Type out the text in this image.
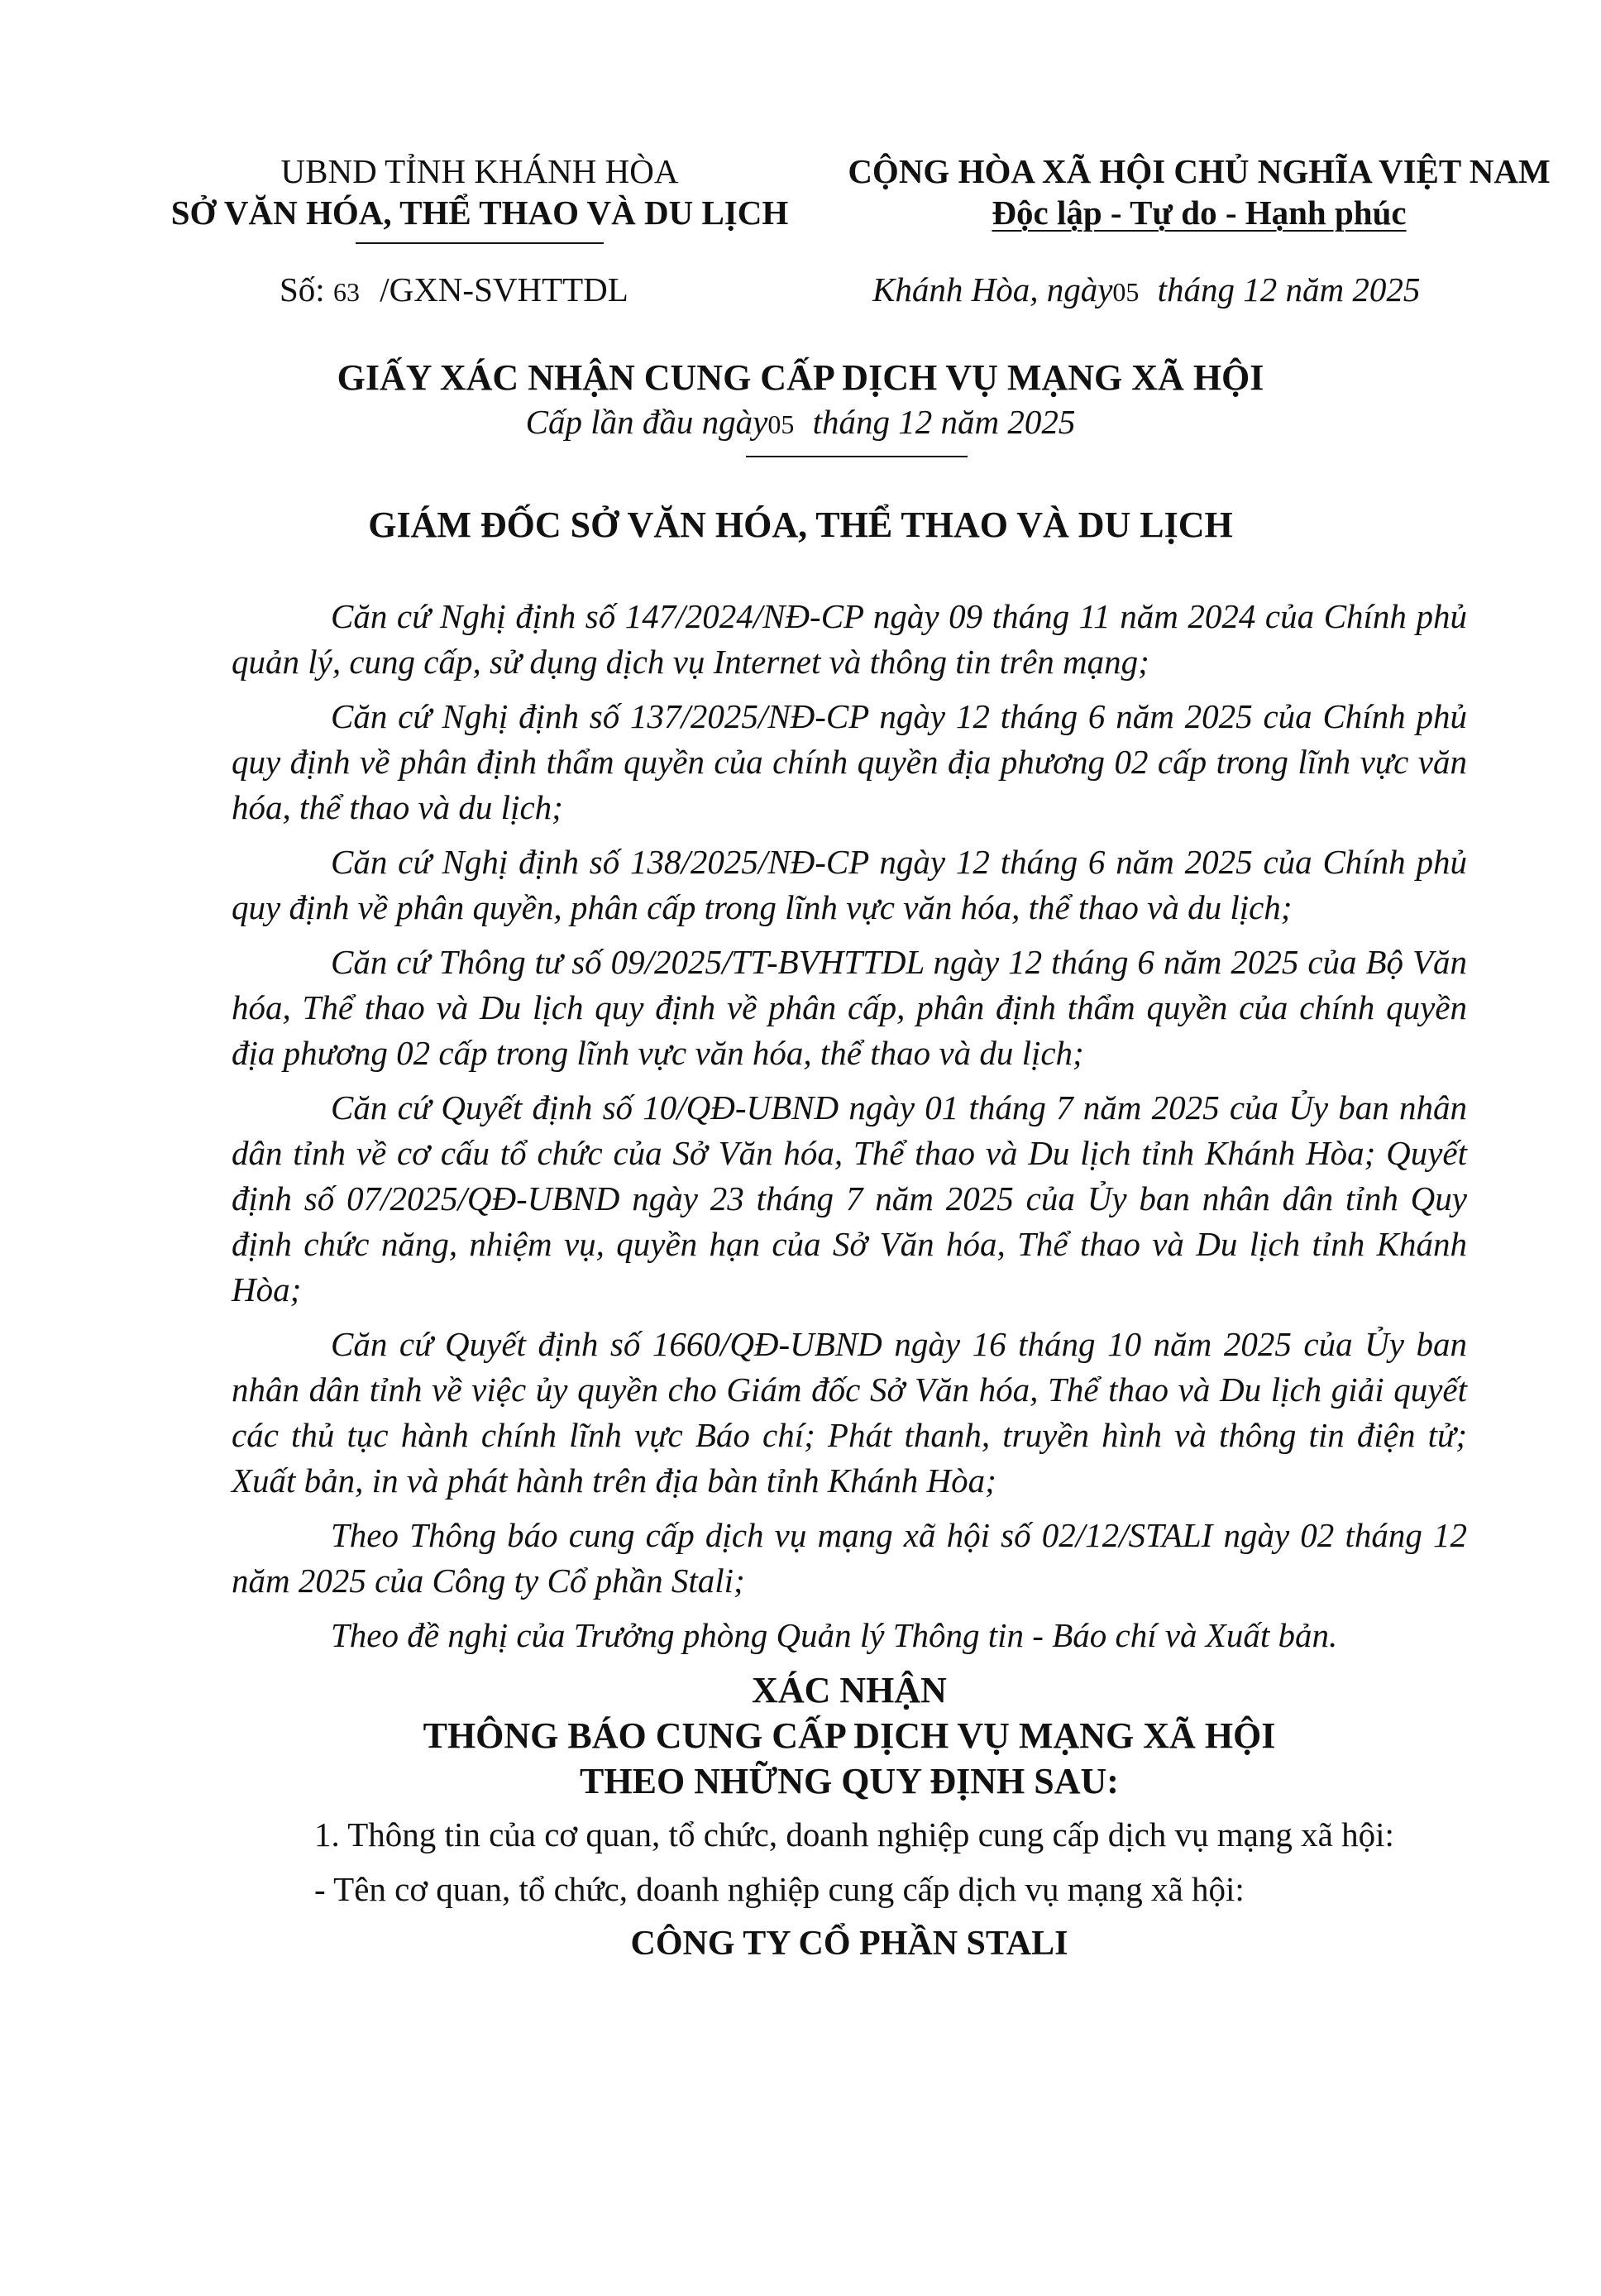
UBND TỈNH KHÁNH HÒA
SỞ VĂN HÓA, THỂ THAO VÀ DU LỊCH
CỘNG HÒA XÃ HỘI CHỦ NGHĨA VIỆT NAM
Độc lập - Tự do - Hạnh phúc
Số: 63 /GXN-SVHTTDL	Khánh Hòa, ngày05 tháng 12 năm 2025
GIẤY XÁC NHẬN CUNG CẤP DỊCH VỤ MẠNG XÃ HỘI
Cấp lần đầu ngày05 tháng 12 năm 2025
GIÁM ĐỐC SỞ VĂN HÓA, THỂ THAO VÀ DU LỊCH

Căn cứ Nghị định số 147/2024/NĐ-CP ngày 09 tháng 11 năm 2024 của Chính phủ quản lý, cung cấp, sử dụng dịch vụ Internet và thông tin trên mạng;

Căn cứ Nghị định số 137/2025/NĐ-CP ngày 12 tháng 6 năm 2025 của Chính phủ quy định về phân định thẩm quyền của chính quyền địa phương 02 cấp trong lĩnh vực văn hóa, thể thao và du lịch;

Căn cứ Nghị định số 138/2025/NĐ-CP ngày 12 tháng 6 năm 2025 của Chính phủ quy định về phân quyền, phân cấp trong lĩnh vực văn hóa, thể thao và du lịch;

Căn cứ Thông tư số 09/2025/TT-BVHTTDL ngày 12 tháng 6 năm 2025 của Bộ Văn hóa, Thể thao và Du lịch quy định về phân cấp, phân định thẩm quyền của chính quyền địa phương 02 cấp trong lĩnh vực văn hóa, thể thao và du lịch;

Căn cứ Quyết định số 10/QĐ-UBND ngày 01 tháng 7 năm 2025 của Ủy ban nhân dân tỉnh về cơ cấu tổ chức của Sở Văn hóa, Thể thao và Du lịch tỉnh Khánh Hòa; Quyết định số 07/2025/QĐ-UBND ngày 23 tháng 7 năm 2025 của Ủy ban nhân dân tỉnh Quy định chức năng, nhiệm vụ, quyền hạn của Sở Văn hóa, Thể thao và Du lịch tỉnh Khánh Hòa;

Căn cứ Quyết định số 1660/QĐ-UBND ngày 16 tháng 10 năm 2025 của Ủy ban nhân dân tỉnh về việc ủy quyền cho Giám đốc Sở Văn hóa, Thể thao và Du lịch giải quyết các thủ tục hành chính lĩnh vực Báo chí; Phát thanh, truyền hình và thông tin điện tử; Xuất bản, in và phát hành trên địa bàn tỉnh Khánh Hòa;

Theo Thông báo cung cấp dịch vụ mạng xã hội số 02/12/STALI ngày 02 tháng 12 năm 2025 của Công ty Cổ phần Stali;

Theo đề nghị của Trưởng phòng Quản lý Thông tin - Báo chí và Xuất bản.

XÁC NHẬN

THÔNG BÁO CUNG CẤP DỊCH VỤ MẠNG XÃ HỘI

THEO NHỮNG QUY ĐỊNH SAU:

1. Thông tin của cơ quan, tổ chức, doanh nghiệp cung cấp dịch vụ mạng xã hội:

- Tên cơ quan, tổ chức, doanh nghiệp cung cấp dịch vụ mạng xã hội:

CÔNG TY CỔ PHẦN STALI
